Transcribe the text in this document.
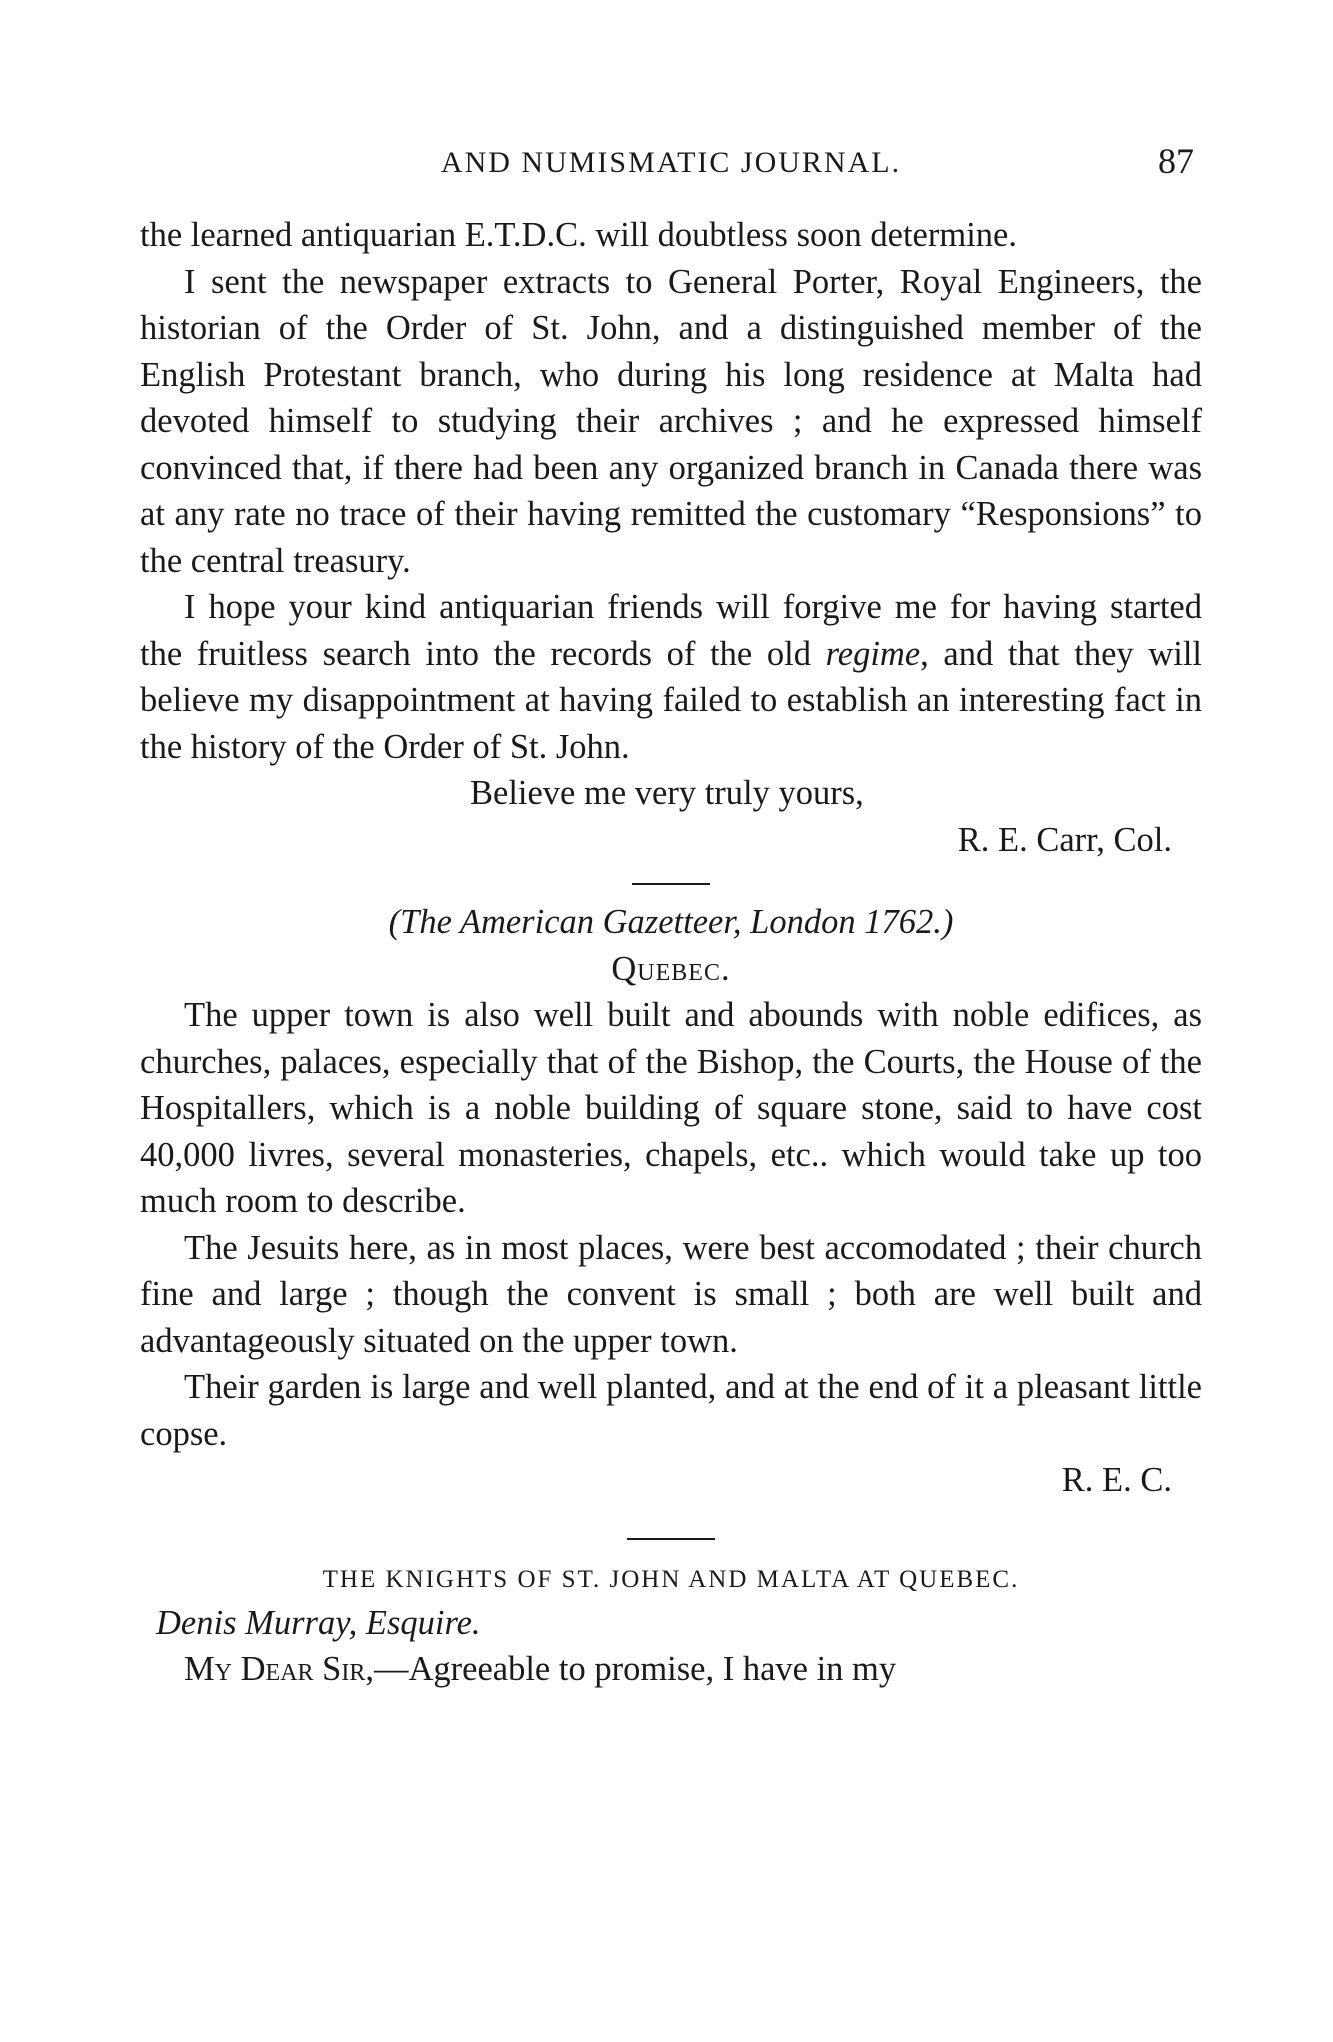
AND NUMISMATIC JOURNAL.	87

the learned antiquarian E.T.D.C. will doubtless soon determine.

I sent the newspaper extracts to General Porter, Royal Engineers, the historian of the Order of St. John, and a distinguished member of the English Protestant branch, who during his long residence at Malta had devoted himself to studying their archives ; and he expressed himself convinced that, if there had been any organized branch in Canada there was at any rate no trace of their having remitted the customary “Responsions” to the central treasury.

I hope your kind antiquarian friends will forgive me for having started the fruitless search into the records of the old regime, and that they will believe my disappointment at having failed to establish an interesting fact in the history of the Order of St. John.

Believe me very truly yours,

R. E. Carr, Col.

(The American Gazetteer, London 1762.)

Quebec.

The upper town is also well built and abounds with noble edifices, as churches, palaces, especially that of the Bishop, the Courts, the House of the Hospitallers, which is a noble building of square stone, said to have cost 40,000 livres, several monasteries, chapels, etc.. which would take up too much room to describe.

The Jesuits here, as in most places, were best accomodated ; their church fine and large ; though the convent is small ; both are well built and advantageously situated on the upper town.

Their garden is large and well planted, and at the end of it a pleasant little copse.

R. E. C.

THE KNIGHTS OF ST. JOHN AND MALTA AT QUEBEC.

Denis Murray, Esquire.

My Dear Sir,—Agreeable to promise, I have in my
